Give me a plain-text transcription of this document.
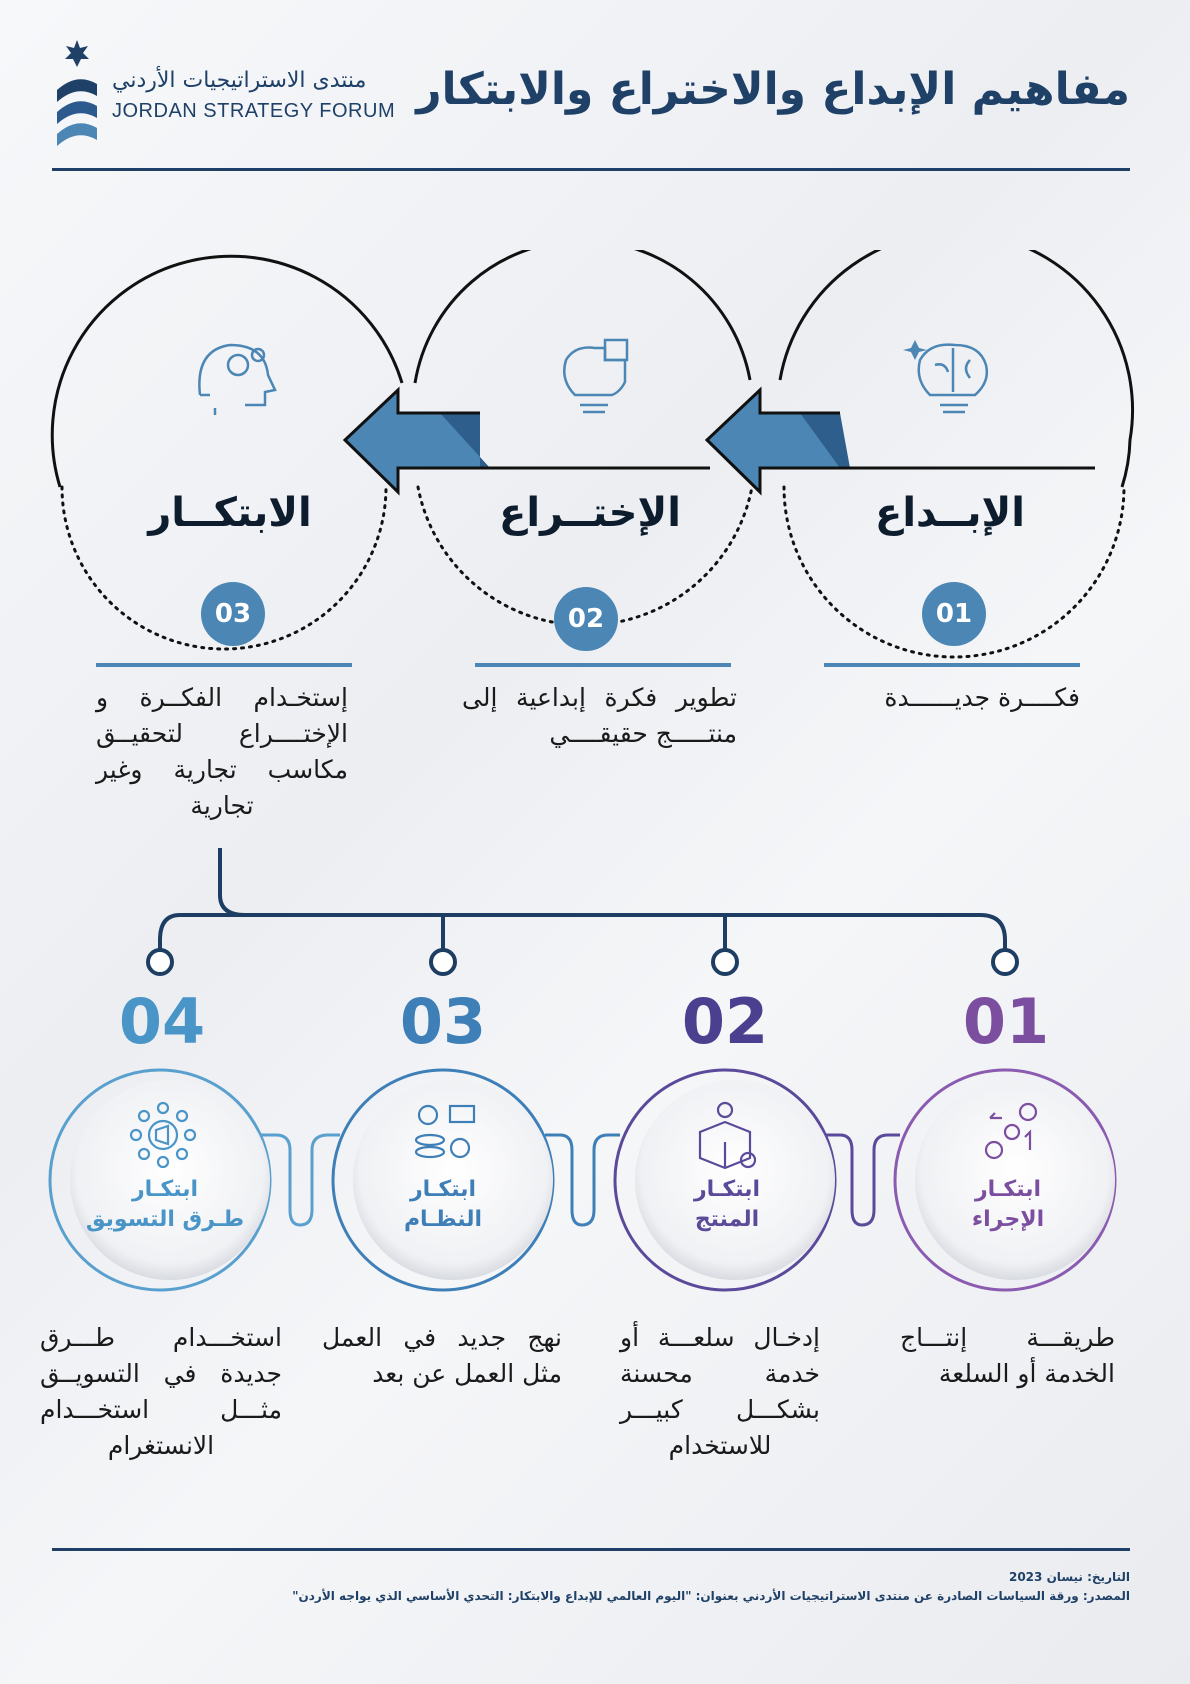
منتدى الاستراتيجيات الأردني
JORDAN STRATEGY FORUM مفاهيم الإبداع والاختراع والابتكار
الابتكــار	الإختــراع	الإبــداع
03	02	01
إستخـدام الفكــرة و الإختــــراع لتحقيــق مكاسب تجارية وغير تجارية
تطوير فكرة إبداعية إلى منتـــــج حقيقــــي
فكــــرة جديــــــدة
04	03	02	01
ابتكـار
طـرق التسويق
ابتكـار
النظـام
ابتكـار
المنتج
ابتكـار
الإجراء
استخـــدام طـــرق جديدة في التسويــق مثـــل استخـــدام الانستغرام
نهج جديد في العمل مثل العمل عن بعد
إدخـال سلعـــة أو خدمة محسنة بشكـــل كبيـــر للاستخدام
طريقـــة إنتـــاج الخدمة أو السلعة
التاريخ: نيسان 2023
المصدر: ورقة السياسات الصادرة عن منتدى الاستراتيجيات الأردني بعنوان: "اليوم العالمي للإبداع والابتكار: التحدي الأساسي الذي يواجه الأردن"
